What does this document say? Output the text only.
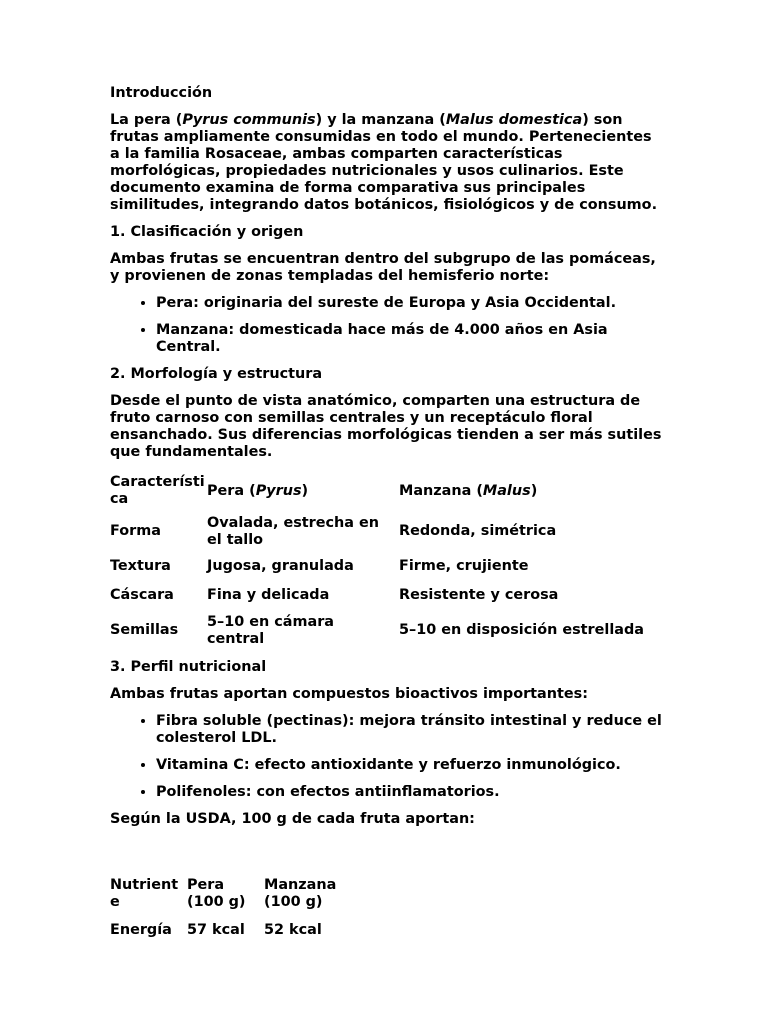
Introducción

La pera (Pyrus communis) y la manzana (Malus domestica) son frutas ampliamente consumidas en todo el mundo. Pertenecientes a la familia Rosaceae, ambas comparten características morfológicas, propiedades nutricionales y usos culinarios. Este documento examina de forma comparativa sus principales similitudes, integrando datos botánicos, fisiológicos y de consumo.

1. Clasificación y origen

Ambas frutas se encuentran dentro del subgrupo de las pomáceas, y provienen de zonas templadas del hemisferio norte:

• Pera: originaria del sureste de Europa y Asia Occidental.
• Manzana: domesticada hace más de 4.000 años en Asia Central.

2. Morfología y estructura

Desde el punto de vista anatómico, comparten una estructura de fruto carnoso con semillas centrales y un receptáculo floral ensanchado. Sus diferencias morfológicas tienden a ser más sutiles que fundamentales.

Característica	Pera (Pyrus)	Manzana (Malus)
Forma	Ovalada, estrecha en el tallo	Redonda, simétrica
Textura	Jugosa, granulada	Firme, crujiente
Cáscara	Fina y delicada	Resistente y cerosa
Semillas	5–10 en cámara central	5–10 en disposición estrellada

3. Perfil nutricional

Ambas frutas aportan compuestos bioactivos importantes:

• Fibra soluble (pectinas): mejora tránsito intestinal y reduce el colesterol LDL.
• Vitamina C: efecto antioxidante y refuerzo inmunológico.
• Polifenoles: con efectos antiinflamatorios.

Según la USDA, 100 g de cada fruta aportan:

Nutriente	Pera (100 g)	Manzana (100 g)

Energía	57 kcal	52 kcal
